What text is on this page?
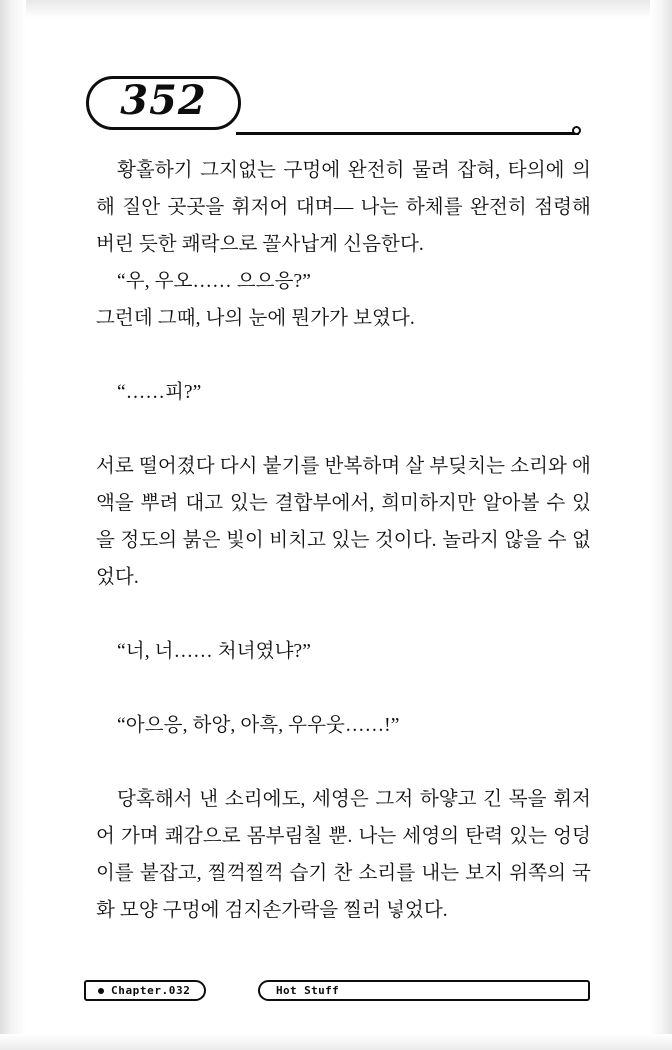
352

황홀하기 그지없는 구멍에 완전히 물려 잡혀, 타의에 의해 질안 곳곳을 휘저어 대며— 나는 하체를 완전히 점령해 버린 듯한 쾌락으로 꼴사납게 신음한다.

“우, 우오…… 으으응?”

그런데 그때, 나의 눈에 뭔가가 보였다.

“……피?”

서로 떨어졌다 다시 붙기를 반복하며 살 부딪치는 소리와 애액을 뿌려 대고 있는 결합부에서, 희미하지만 알아볼 수 있을 정도의 붉은 빛이 비치고 있는 것이다. 놀라지 않을 수 없었다.

“너, 너…… 처녀였냐?”

“아으응, 하앙, 아흑, 우우웃……!”

당혹해서 낸 소리에도, 세영은 그저 하얗고 긴 목을 휘저어 가며 쾌감으로 몸부림칠 뿐. 나는 세영의 탄력 있는 엉덩이를 붙잡고, 찔꺽찔꺽 습기 찬 소리를 내는 보지 위쪽의 국화 모양 구멍에 검지손가락을 찔러 넣었다.

Chapter.032	Hot Stuff
